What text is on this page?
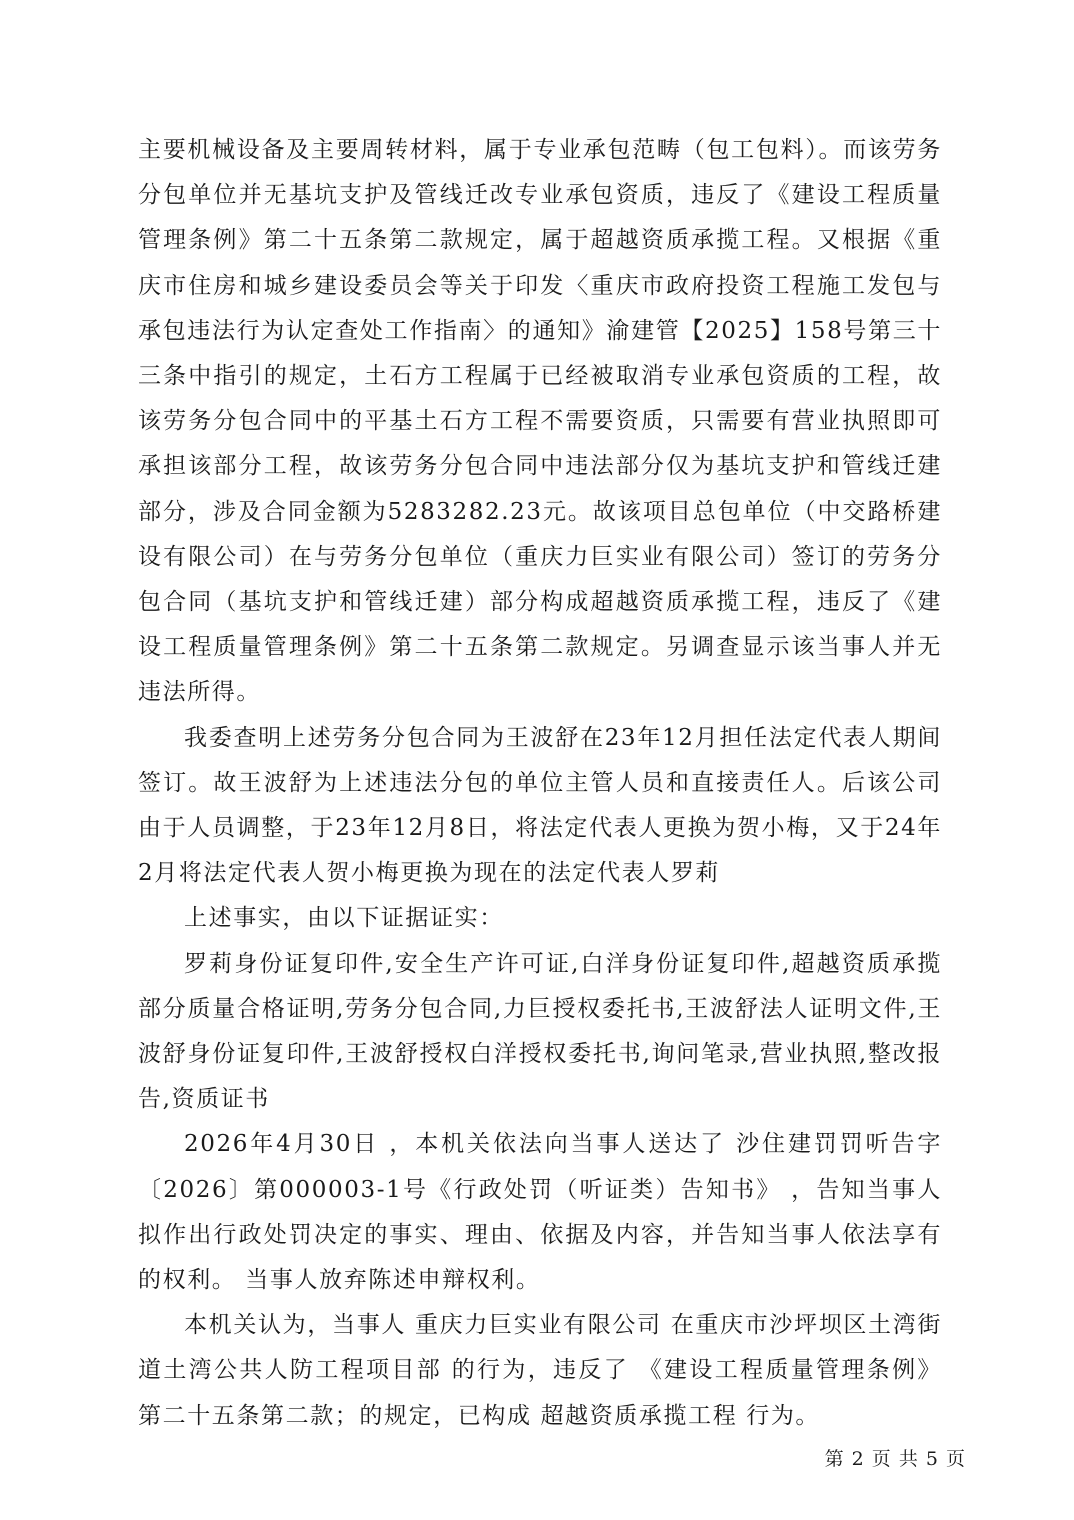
主要机械设备及主要周转材料，属于专业承包范畴（包工包料）。而该劳务分包单位并无基坑支护及管线迁改专业承包资质，违反了《建设工程质量管理条例》第二十五条第二款规定，属于超越资质承揽工程。又根据《重庆市住房和城乡建设委员会等关于印发〈重庆市政府投资工程施工发包与承包违法行为认定查处工作指南〉的通知》渝建管【2025】158号第三十三条中指引的规定，土石方工程属于已经被取消专业承包资质的工程，故该劳务分包合同中的平基土石方工程不需要资质，只需要有营业执照即可承担该部分工程，故该劳务分包合同中违法部分仅为基坑支护和管线迁建部分，涉及合同金额为5283282.23元。故该项目总包单位（中交路桥建设有限公司）在与劳务分包单位（重庆力巨实业有限公司）签订的劳务分包合同（基坑支护和管线迁建）部分构成超越资质承揽工程，违反了《建设工程质量管理条例》第二十五条第二款规定。另调查显示该当事人并无违法所得。

我委查明上述劳务分包合同为王波舒在23年12月担任法定代表人期间签订。故王波舒为上述违法分包的单位主管人员和直接责任人。后该公司由于人员调整，于23年12月8日，将法定代表人更换为贺小梅，又于24年2月将法定代表人贺小梅更换为现在的法定代表人罗莉

上述事实，由以下证据证实：

罗莉身份证复印件,安全生产许可证,白洋身份证复印件,超越资质承揽部分质量合格证明,劳务分包合同,力巨授权委托书,王波舒法人证明文件,王波舒身份证复印件,王波舒授权白洋授权委托书,询问笔录,营业执照,整改报告,资质证书

2026年4月30日 ，本机关依法向当事人送达了 沙住建罚罚听告字〔2026〕第000003-1号《行政处罚（听证类）告知书》 ，告知当事人拟作出行政处罚决定的事实、理由、依据及内容，并告知当事人依法享有的权利。 当事人放弃陈述申辩权利。

本机关认为，当事人 重庆力巨实业有限公司 在重庆市沙坪坝区土湾街道土湾公共人防工程项目部 的行为，违反了 《建设工程质量管理条例》第二十五条第二款；的规定，已构成 超越资质承揽工程 行为。

第 2 页 共 5 页
